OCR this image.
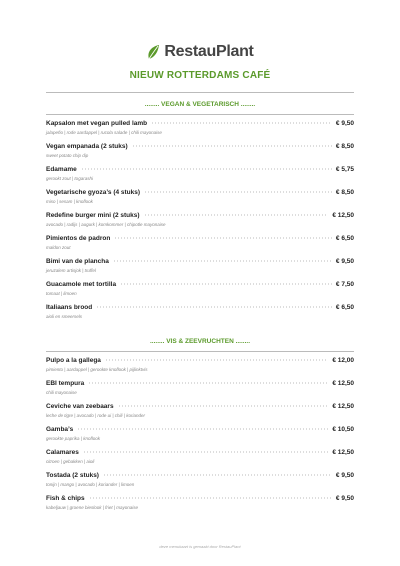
RestauPlant
NIEUW ROTTERDAMS CAFÉ
........ VEGAN & VEGETARISCH ........
Kapsalon met vegan pulled lamb	€ 9,50
jalapeño | rode aardappel | rucola salade | chili mayonaise
Vegan empanada (2 stuks)	€ 8,50
sweet potato chip dip
Edamame	€ 5,75
gerookt zout | togarashi
Vegetarische gyoza’s (4 stuks)	€ 8,50
miso | sesam | knoflook
Redefine burger mini (2 stuks)	€ 12,50
avocado | radijs | augurk | komkommer | chipotle mayonaise
Pimientos de padron	€ 6,50
maldon zout
Bimi van de plancha	€ 9,50
jeruzalem artisjok | truffel
Guacamole met tortilla	€ 7,50
tomaat | limoen
Italiaans brood	€ 6,50
aioli en smeersels
........ VIS & ZEEVRUCHTEN ........
Pulpo a la gallega	€ 12,00
pimiento | aardappel | gerookte knoflook | pijlinktvis
EBI tempura	€ 12,50
chili mayonaise
Ceviche van zeebaars	€ 12,50
leche de tigre | avocado | rode ui | chili | koriander
Gamba’s	€ 10,50
gerookte paprika | knoflook
Calamares	€ 12,50
citroen | gebakken | aioli
Tostada (2 stuks)	€ 9,50
tonijn | mango | avocado | koriander | limoen
Fish & chips	€ 9,50
kabeljauw | groene bieslook | friet | mayonaise
deze menukaart is gemaakt door RestauPlant
